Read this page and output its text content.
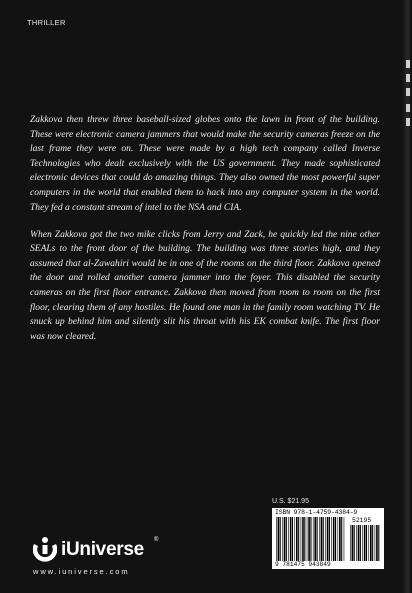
THRILLER

Zakkova then threw three baseball-sized globes onto the lawn in front of the building. These were electronic camera jammers that would make the security cameras freeze on the last frame they were on. These were made by a high tech company called Inverse Technologies who dealt exclusively with the US government. They made sophisticated electronic devices that could do amazing things. They also owned the most powerful super computers in the world that enabled them to hack into any computer system in the world. They fed a constant stream of intel to the NSA and CIA.

When Zakkova got the two mike clicks from Jerry and Zack, he quickly led the nine other SEALs to the front door of the building. The building was three stories high, and they assumed that al-Zawahiri would be in one of the rooms on the third floor. Zakkova opened the door and rolled another camera jammer into the foyer. This disabled the security cameras on the first floor entrance. Zakkova then moved from room to room on the first floor, clearing them of any hostiles. He found one man in the family room watching TV. He snuck up behind him and silently slit his throat with his EK combat knife. The first floor was now cleared.

U.S. $21.95
ISBN 978-1-4759-4384-9
52195
9 781475 943849
iUniverse ®
www.iuniverse.com
